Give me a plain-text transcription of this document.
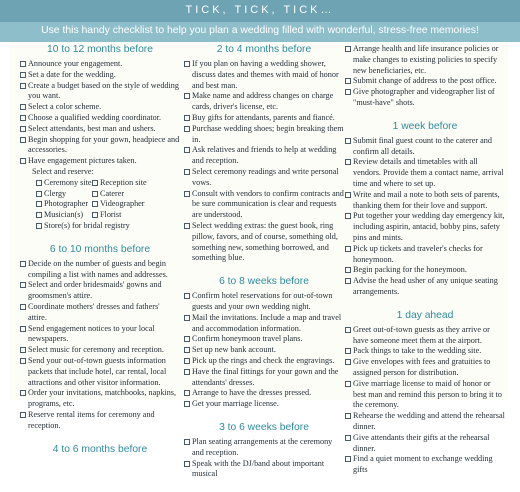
TICK, TICK, TICK…
Use this handy checklist to help you plan a wedding filled with wonderful, stress-free memories!
10 to 12 months before
Announce your engagement.
Set a date for the wedding.
Create a budget based on the style of wedding you want.
Select a color scheme.
Choose a qualified wedding coordinator.
Select attendants, best man and ushers.
Begin shopping for your gown, headpiece and accessories.
Have engagement pictures taken.
Select and reserve:
Ceremony site	Reception site
Clergy	Caterer
Photographer	Videographer
Musician(s)	Florist
Store(s) for bridal registry
6 to 10 months before
Decide on the number of guests and begin compiling a list with names and addresses.
Select and order bridesmaids' gowns and groomsmen's attire.
Coordinate mothers' dresses and fathers' attire.
Send engagement notices to your local newspapers.
Select music for ceremony and reception.
Send your out-of-town guests information packets that include hotel, car rental, local attractions and other visitor information.
Order your invitations, matchbooks, napkins, programs, etc.
Reserve rental items for ceremony and reception.
4 to 6 months before
2 to 4 months before
If you plan on having a wedding shower, discuss dates and themes with maid of honor and best man.
Make name and address changes on charge cards, driver's license, etc.
Buy gifts for attendants, parents and fiancé.
Purchase wedding shoes; begin breaking them in.
Ask relatives and friends to help at wedding and reception.
Select ceremony readings and write personal vows.
Consult with vendors to confirm contracts and be sure communication is clear and requests are understood.
Select wedding extras: the guest book, ring pillow, favors, and of course, something old, something new, something borrowed, and something blue.
6 to 8 weeks before
Confirm hotel reservations for out-of-town guests and your own wedding night.
Mail the invitations. Include a map and travel and accommodation information.
Confirm honeymoon travel plans.
Set up new bank account.
Pick up the rings and check the engravings.
Have the final fittings for your gown and the attendants' dresses.
Arrange to have the dresses pressed.
Get your marriage license.
3 to 6 weeks before
Plan seating arrangements at the ceremony and reception.
Speak with the DJ/band about important musical
Arrange health and life insurance policies or make changes to existing policies to specify new beneficiaries, etc.
Submit change of address to the post office.
Give photographer and videographer list of "must-have" shots.
1 week before
Submit final guest count to the caterer and confirm all details.
Review details and timetables with all vendors. Provide them a contact name, arrival time and where to set up.
Write and mail a note to both sets of parents, thanking them for their love and support.
Put together your wedding day emergency kit, including aspirin, antacid, bobby pins, safety pins and mints.
Pick up tickets and traveler's checks for honeymoon.
Begin packing for the honeymoon.
Advise the head usher of any unique seating arrangements.
1 day ahead
Greet out-of-town guests as they arrive or have someone meet them at the airport.
Pack things to take to the wedding site.
Give envelopes with fees and gratuities to assigned person for distribution.
Give marriage license to maid of honor or best man and remind this person to bring it to the ceremony.
Rehearse the wedding and attend the rehearsal dinner.
Give attendants their gifts at the rehearsal dinner.
Find a quiet moment to exchange wedding gifts
